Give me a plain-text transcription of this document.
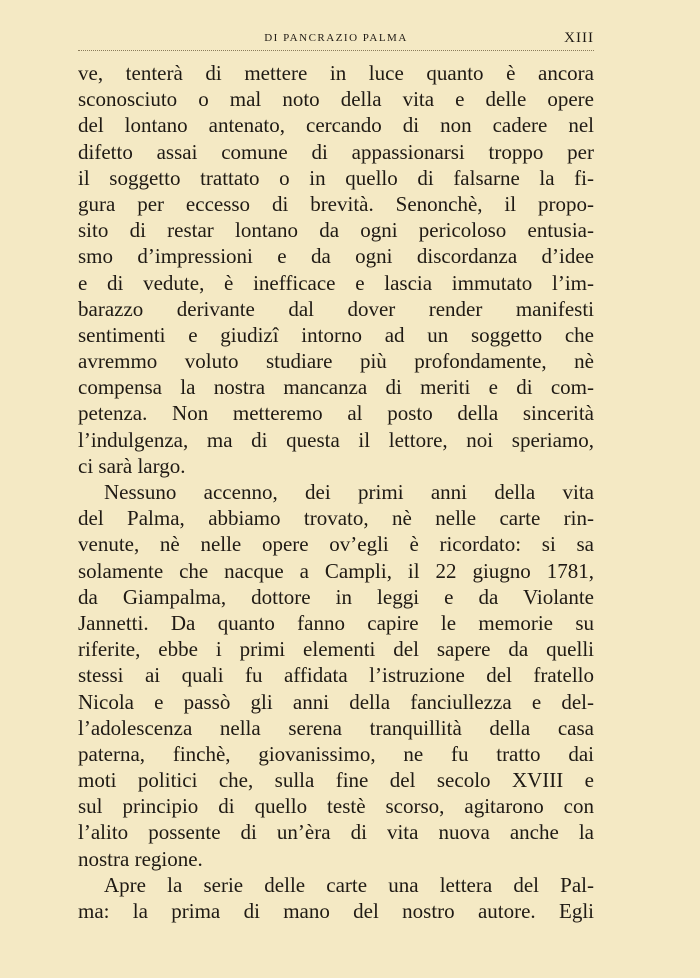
DI PANCRAZIO PALMA	XIII
ve, tenterà di mettere in luce quanto è ancora
sconosciuto o mal noto della vita e delle opere
del lontano antenato, cercando di non cadere nel
difetto assai comune di appassionarsi troppo per
il soggetto trattato o in quello di falsarne la fi-
gura per eccesso di brevità. Senonchè, il propo-
sito di restar lontano da ogni pericoloso entusia-
smo d’impressioni e da ogni discordanza d’idee
e di vedute, è inefficace e lascia immutato l’im-
barazzo derivante dal dover render manifesti
sentimenti e giudizî intorno ad un soggetto che
avremmo voluto studiare più profondamente, nè
compensa la nostra mancanza di meriti e di com-
petenza. Non metteremo al posto della sincerità
l’indulgenza, ma di questa il lettore, noi speriamo,
ci sarà largo.
Nessuno accenno, dei primi anni della vita
del Palma, abbiamo trovato, nè nelle carte rin-
venute, nè nelle opere ov’egli è ricordato: si sa
solamente che nacque a Campli, il 22 giugno 1781,
da Giampalma, dottore in leggi e da Violante
Jannetti. Da quanto fanno capire le memorie su
riferite, ebbe i primi elementi del sapere da quelli
stessi ai quali fu affidata l’istruzione del fratello
Nicola e passò gli anni della fanciullezza e del-
l’adolescenza nella serena tranquillità della casa
paterna, finchè, giovanissimo, ne fu tratto dai
moti politici che, sulla fine del secolo XVIII e
sul principio di quello testè scorso, agitarono con
l’alito possente di un’èra di vita nuova anche la
nostra regione.
Apre la serie delle carte una lettera del Pal-
ma: la prima di mano del nostro autore. Egli
